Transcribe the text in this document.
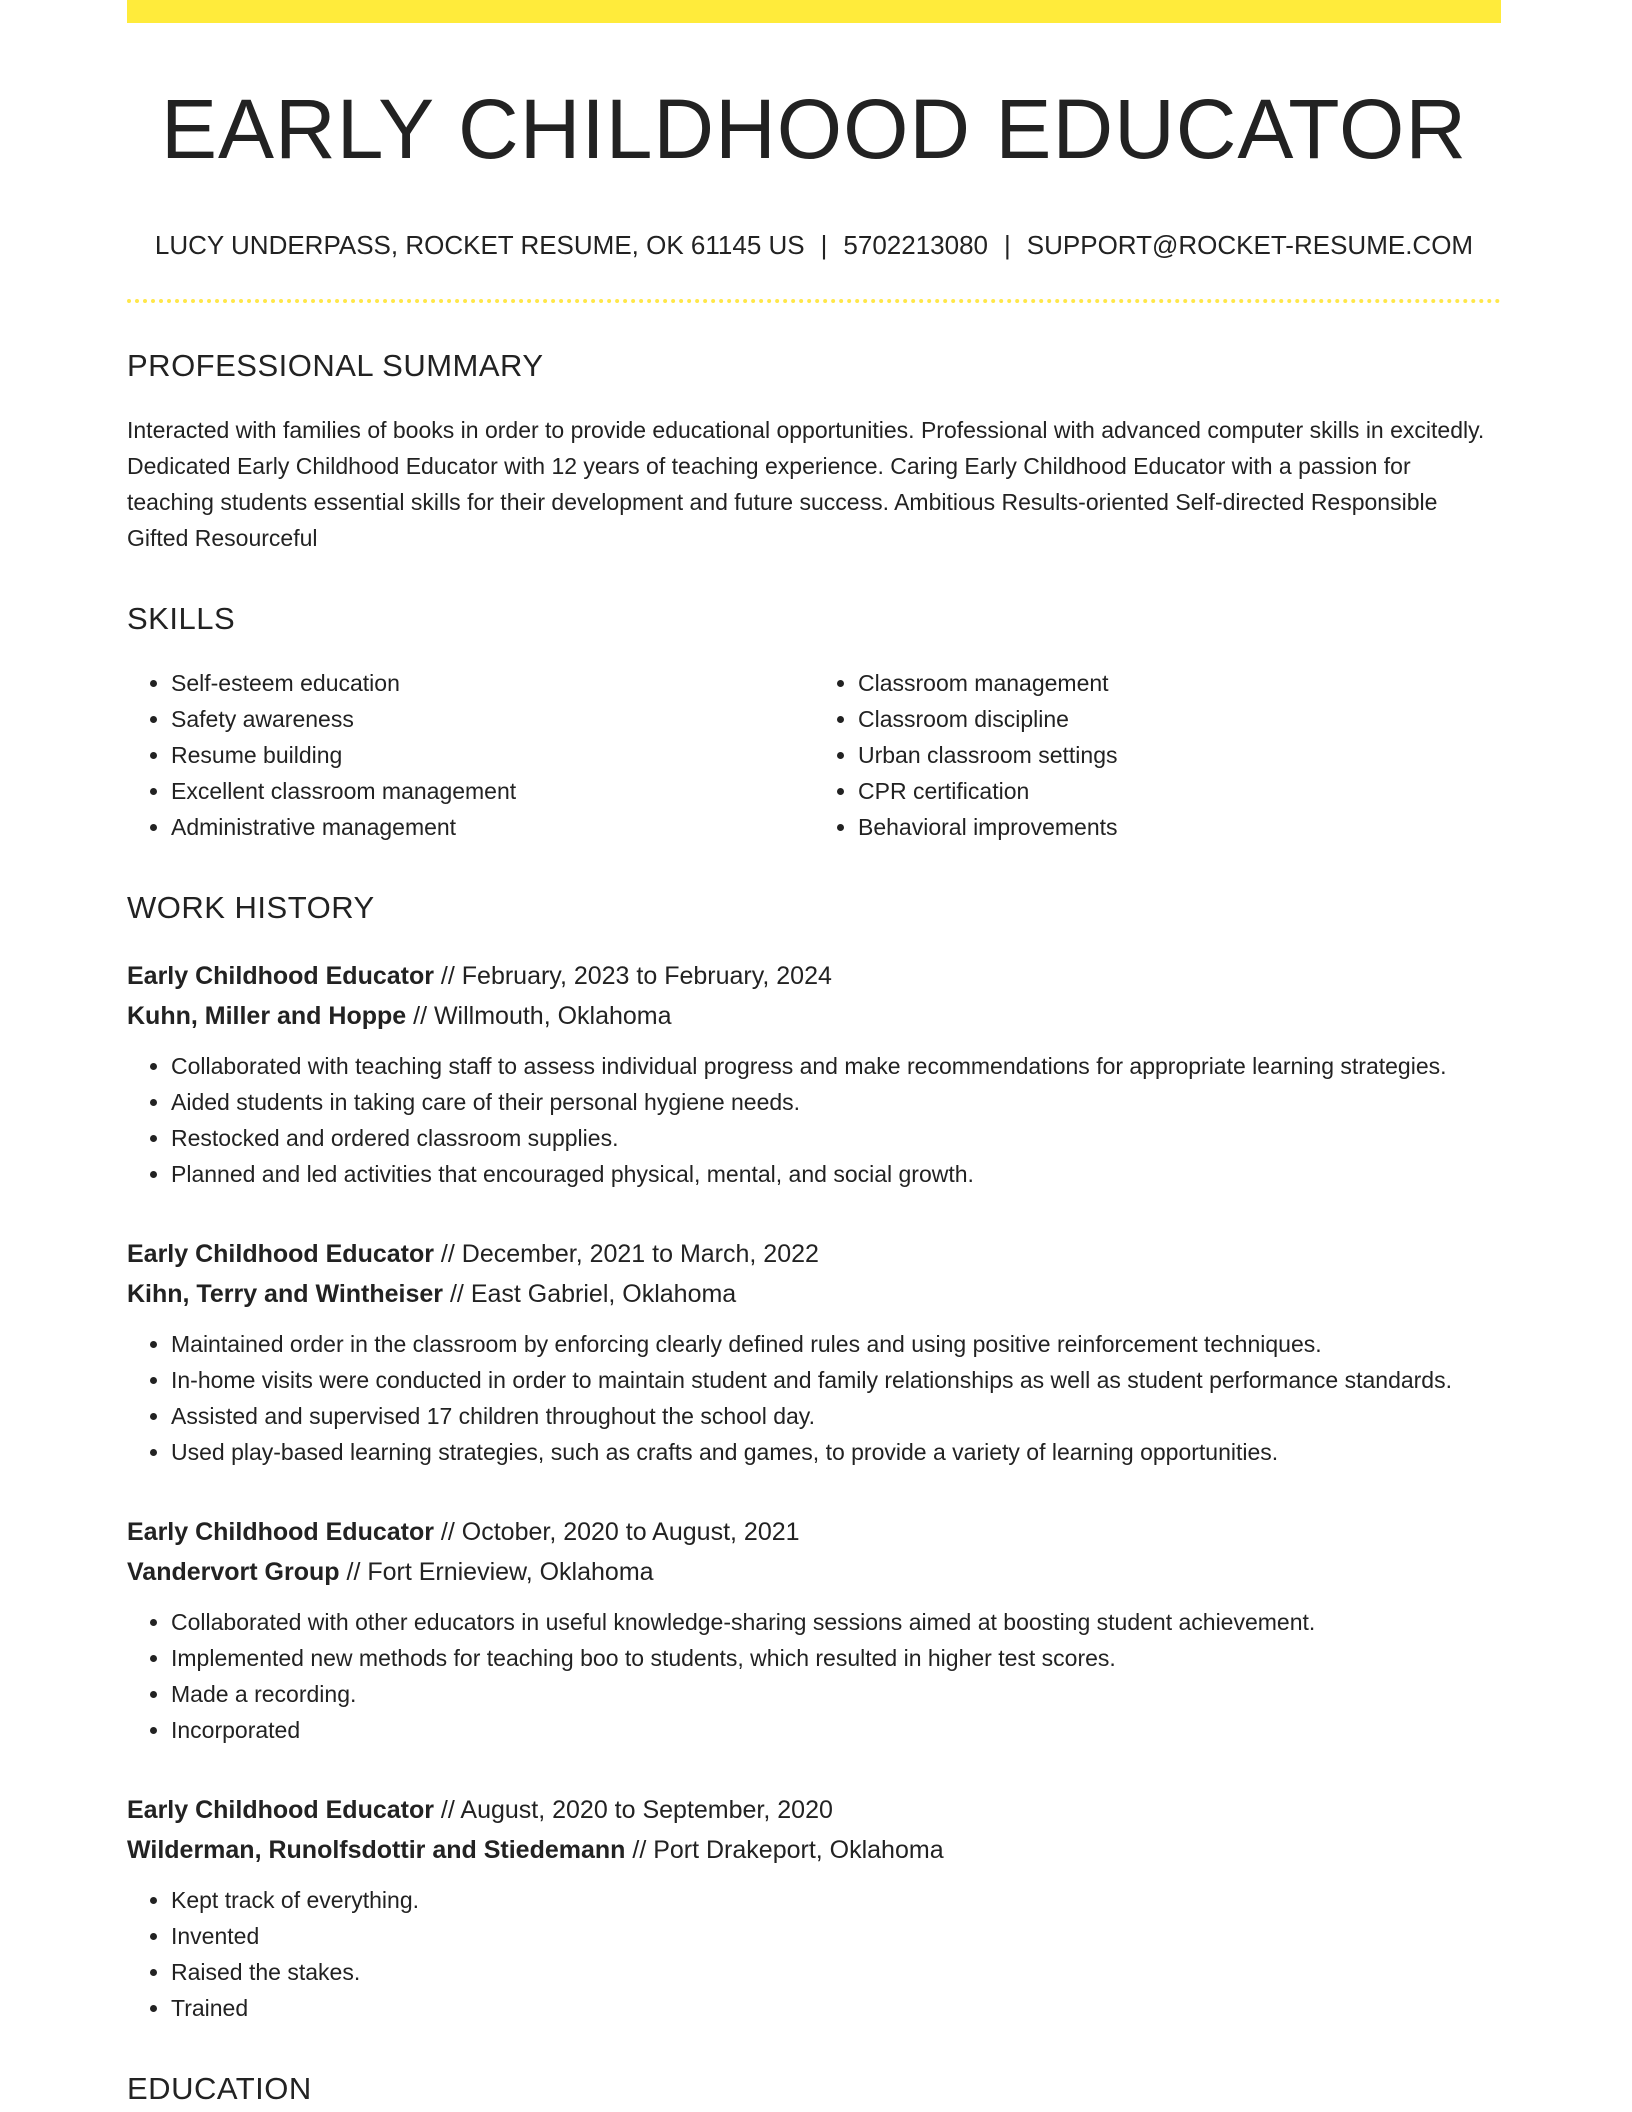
EARLY CHILDHOOD EDUCATOR
LUCY UNDERPASS, ROCKET RESUME, OK 61145 US | 5702213080 | SUPPORT@ROCKET-RESUME.COM
PROFESSIONAL SUMMARY

Interacted with families of books in order to provide educational opportunities. Professional with advanced computer skills in excitedly. Dedicated Early Childhood Educator with 12 years of teaching experience. Caring Early Childhood Educator with a passion for teaching students essential skills for their development and future success. Ambitious Results-oriented Self-directed Responsible Gifted Resourceful

SKILLS
• Self-esteem education
• Safety awareness
• Resume building
• Excellent classroom management
• Administrative management
• Classroom management
• Classroom discipline
• Urban classroom settings
• CPR certification
• Behavioral improvements
WORK HISTORY
Early Childhood Educator // February, 2023 to February, 2024
Kuhn, Miller and Hoppe // Willmouth, Oklahoma
• Collaborated with teaching staff to assess individual progress and make recommendations for appropriate learning strategies.
• Aided students in taking care of their personal hygiene needs.
• Restocked and ordered classroom supplies.
• Planned and led activities that encouraged physical, mental, and social growth.
Early Childhood Educator // December, 2021 to March, 2022
Kihn, Terry and Wintheiser // East Gabriel, Oklahoma
• Maintained order in the classroom by enforcing clearly defined rules and using positive reinforcement techniques.
• In-home visits were conducted in order to maintain student and family relationships as well as student performance standards.
• Assisted and supervised 17 children throughout the school day.
• Used play-based learning strategies, such as crafts and games, to provide a variety of learning opportunities.
Early Childhood Educator // October, 2020 to August, 2021
Vandervort Group // Fort Ernieview, Oklahoma
• Collaborated with other educators in useful knowledge-sharing sessions aimed at boosting student achievement.
• Implemented new methods for teaching boo to students, which resulted in higher test scores.
• Made a recording.
• Incorporated
Early Childhood Educator // August, 2020 to September, 2020
Wilderman, Runolfsdottir and Stiedemann // Port Drakeport, Oklahoma
• Kept track of everything.
• Invented
• Raised the stakes.
• Trained
EDUCATION
